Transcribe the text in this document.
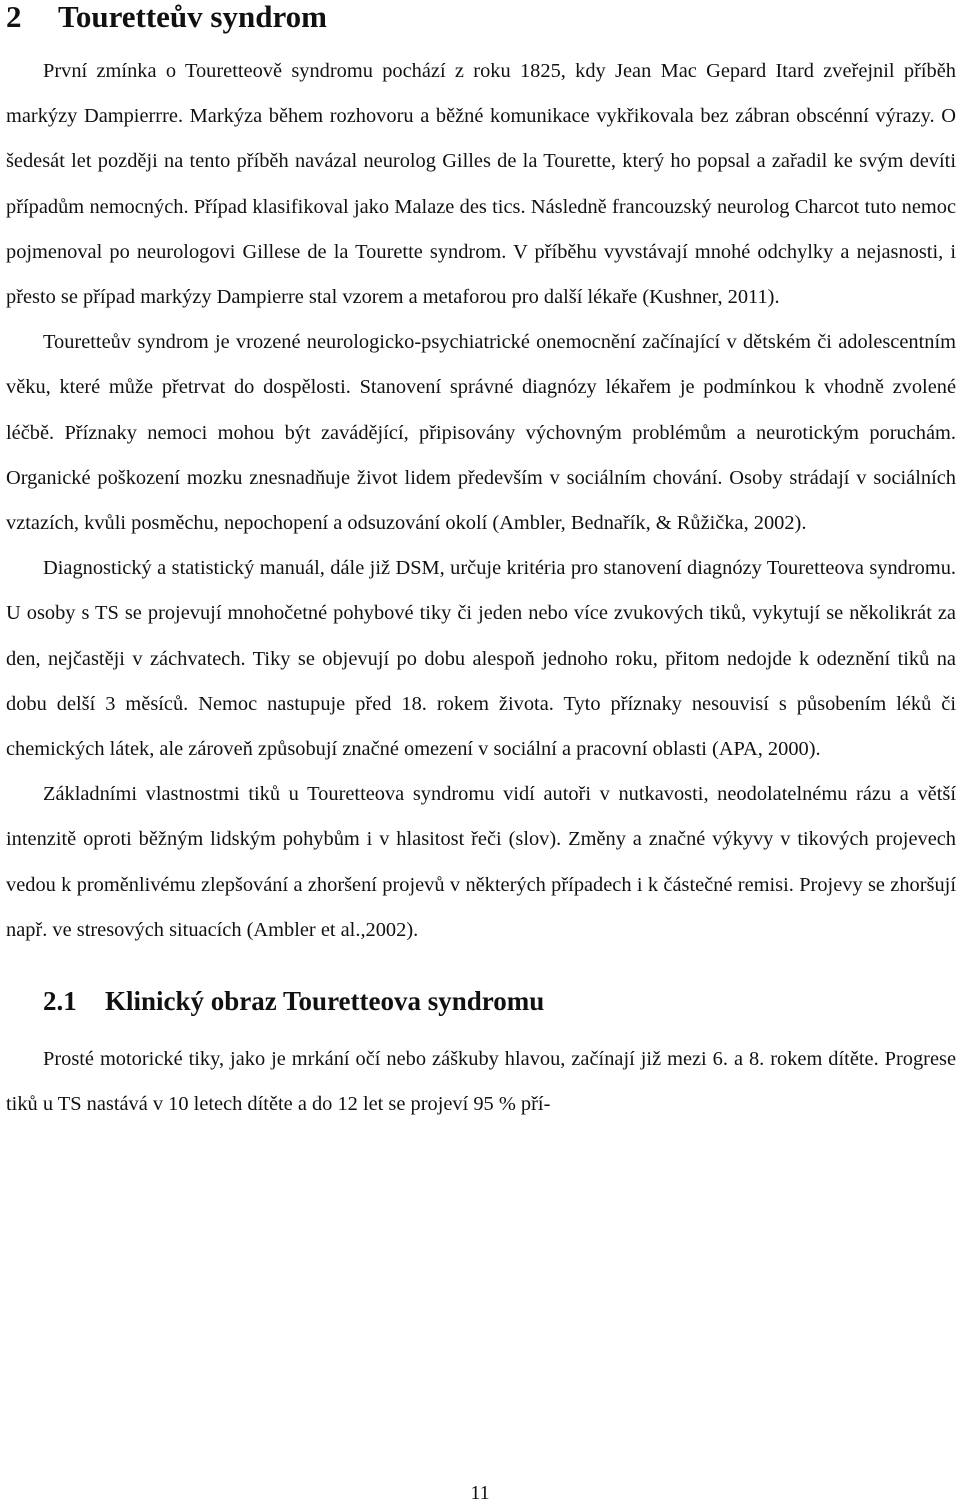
2 Tourettеův syndrom

První zmínka o Tourettеově syndromu pochází z roku 1825, kdy Jean Mac Gepard Itard zveřejnil příběh markýzy Dampierrre. Markýza během rozhovoru a běžné komunikace vykřikovala bez zábran obscénní výrazy. O šedesát let později na tento příběh navázal neurolog Gilles de la Tourette, který ho popsal a zařadil ke svým devíti případům nemocných. Případ klasifikoval jako Malaze des tics. Následně francouzský neurolog Charcot tuto nemoc pojmenoval po neurologovi Gillese de la Tourette syndrom. V příběhu vyvstávají mnohé odchylky a nejasnosti, i přesto se případ markýzy Dampierre stal vzorem a metaforou pro další lékaře (Kushner, 2011).

Tourettеův syndrom je vrozené neurologicko-psychiatrické onemocnění začínající v dětském či adolescentním věku, které může přetrvat do dospělosti. Stanovení správné diagnózy lékařem je podmínkou k vhodně zvolené léčbě. Příznaky nemoci mohou být zavádějící, připisovány výchovným problémům a neurotickým poruchám. Organické poškození mozku znesnadňuje život lidem především v sociálním chování. Osoby strádají v sociálních vztazích, kvůli posměchu, nepochopení a odsuzování okolí (Ambler, Bednařík, & Růžička, 2002).

Diagnostický a statistický manuál, dále již DSM, určuje kritéria pro stanovení diagnózy Tourettеova syndromu. U osoby s TS se projevují mnohočetné pohybové tiky či jeden nebo více zvukových tiků, vykytují se několikrát za den, nejčastěji v záchvatech. Tiky se objevují po dobu alespoň jednoho roku, přitom nedojde k odeznění tiků na dobu delší 3 měsíců. Nemoc nastupuje před 18. rokem života. Tyto příznaky nesouvisí s působením léků či chemických látek, ale zároveň způsobují značné omezení v sociální a pracovní oblasti (APA, 2000).

Základními vlastnostmi tiků u Tourettеova syndromu vidí autoři v nutkavosti, neodolatelnému rázu a větší intenzitě oproti běžným lidským pohybům i v hlasitost řeči (slov). Změny a značné výkyvy v tikových projevech vedou k proměnlivému zlepšování a zhoršení projevů v některých případech i k částečné remisi. Projevy se zhoršují např. ve stresových situacích (Ambler et al.,2002).

2.1 Klinický obraz Tourettеova syndromu

Prosté motorické tiky, jako je mrkání očí nebo záškuby hlavou, začínají již mezi 6. a 8. rokem dítěte. Progrese tiků u TS nastává v 10 letech dítěte a do 12 let se projeví 95 % pří-

11
